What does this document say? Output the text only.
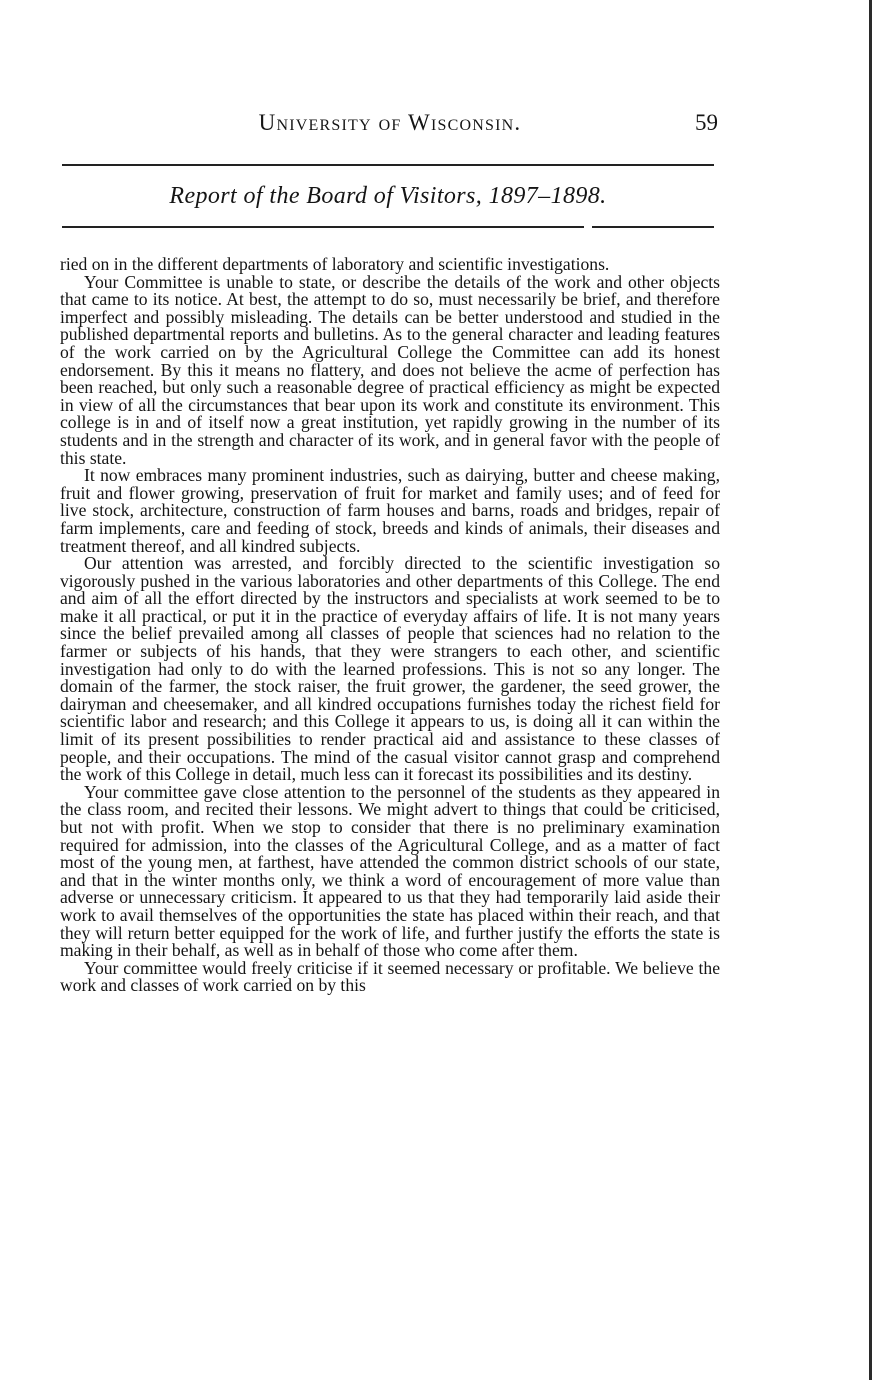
University of Wisconsin.	59
Report of the Board of Visitors, 1897–1898.

ried on in the different departments of laboratory and scientific investigations.

Your Committee is unable to state, or describe the details of the work and other objects that came to its notice. At best, the attempt to do so, must necessarily be brief, and therefore imperfect and possibly misleading. The details can be better understood and studied in the published departmental reports and bulletins. As to the general character and leading features of the work carried on by the Agricultural College the Committee can add its honest endorsement. By this it means no flattery, and does not believe the acme of perfection has been reached, but only such a reasonable degree of practical efficiency as might be expected in view of all the circumstances that bear upon its work and constitute its environment. This college is in and of itself now a great institution, yet rapidly growing in the number of its students and in the strength and character of its work, and in general favor with the people of this state.

It now embraces many prominent industries, such as dairying, butter and cheese making, fruit and flower growing, preservation of fruit for market and family uses; and of feed for live stock, architecture, construction of farm houses and barns, roads and bridges, repair of farm implements, care and feeding of stock, breeds and kinds of animals, their diseases and treatment thereof, and all kindred subjects.

Our attention was arrested, and forcibly directed to the scientific investigation so vigorously pushed in the various laboratories and other departments of this College. The end and aim of all the effort directed by the instructors and specialists at work seemed to be to make it all practical, or put it in the practice of everyday affairs of life. It is not many years since the belief prevailed among all classes of people that sciences had no relation to the farmer or subjects of his hands, that they were strangers to each other, and scientific investigation had only to do with the learned professions. This is not so any longer. The domain of the farmer, the stock raiser, the fruit grower, the gardener, the seed grower, the dairyman and cheesemaker, and all kindred occupations furnishes today the richest field for scientific labor and research; and this College it appears to us, is doing all it can within the limit of its present possibilities to render practical aid and assistance to these classes of people, and their occupations. The mind of the casual visitor cannot grasp and comprehend the work of this College in detail, much less can it forecast its possibilities and its destiny.

Your committee gave close attention to the personnel of the students as they appeared in the class room, and recited their lessons. We might advert to things that could be criticised, but not with profit. When we stop to consider that there is no preliminary examination required for admission, into the classes of the Agricultural College, and as a matter of fact most of the young men, at farthest, have attended the common district schools of our state, and that in the winter months only, we think a word of encouragement of more value than adverse or unnecessary criticism. It appeared to us that they had temporarily laid aside their work to avail themselves of the opportunities the state has placed within their reach, and that they will return better equipped for the work of life, and further justify the efforts the state is making in their behalf, as well as in behalf of those who come after them.

Your committee would freely criticise if it seemed necessary or profitable. We believe the work and classes of work carried on by this
